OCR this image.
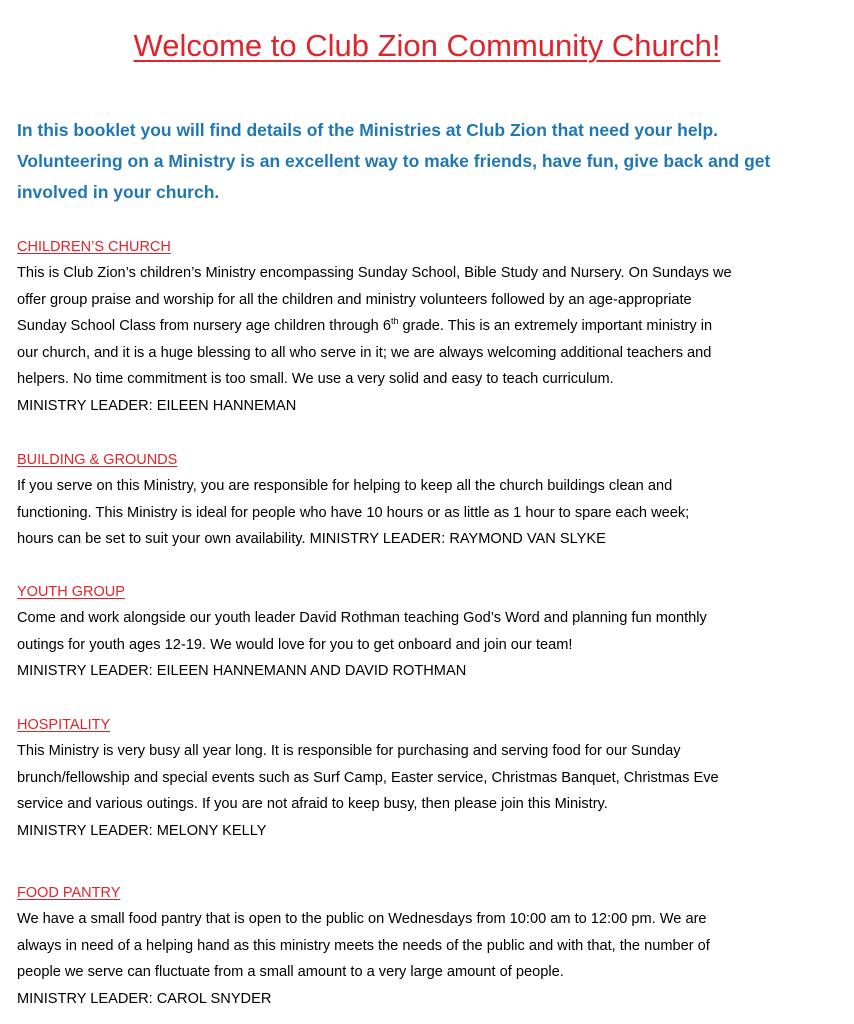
Welcome to Club Zion Community Church!
In this booklet you will find details of the Ministries at Club Zion that need your help.
Volunteering on a Ministry is an excellent way to make friends, have fun, give back and get
involved in your church.
CHILDREN’S CHURCH
This is Club Zion’s children’s Ministry encompassing Sunday School, Bible Study and Nursery. On Sundays we
offer group praise and worship for all the children and ministry volunteers followed by an age-appropriate
Sunday School Class from nursery age children through 6th grade. This is an extremely important ministry in
our church, and it is a huge blessing to all who serve in it; we are always welcoming additional teachers and
helpers. No time commitment is too small. We use a very solid and easy to teach curriculum.
MINISTRY LEADER: EILEEN HANNEMAN
BUILDING & GROUNDS
If you serve on this Ministry, you are responsible for helping to keep all the church buildings clean and
functioning. This Ministry is ideal for people who have 10 hours or as little as 1 hour to spare each week;
hours can be set to suit your own availability. MINISTRY LEADER: RAYMOND VAN SLYKE
YOUTH GROUP
Come and work alongside our youth leader David Rothman teaching God’s Word and planning fun monthly
outings for youth ages 12-19. We would love for you to get onboard and join our team!
MINISTRY LEADER: EILEEN HANNEMANN AND DAVID ROTHMAN
HOSPITALITY
This Ministry is very busy all year long. It is responsible for purchasing and serving food for our Sunday
brunch/fellowship and special events such as Surf Camp, Easter service, Christmas Banquet, Christmas Eve
service and various outings. If you are not afraid to keep busy, then please join this Ministry.
MINISTRY LEADER: MELONY KELLY
FOOD PANTRY
We have a small food pantry that is open to the public on Wednesdays from 10:00 am to 12:00 pm. We are
always in need of a helping hand as this ministry meets the needs of the public and with that, the number of
people we serve can fluctuate from a small amount to a very large amount of people.
MINISTRY LEADER: CAROL SNYDER
